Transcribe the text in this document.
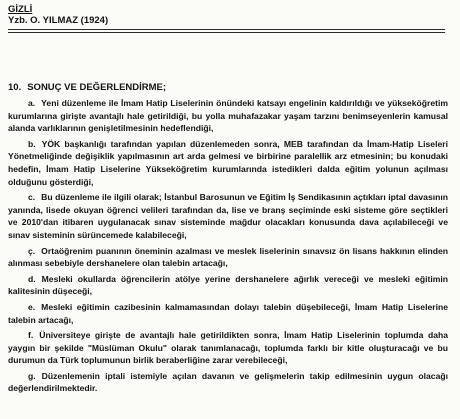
GİZLİ
Yzb. O. YILMAZ (1924)
10. SONUÇ VE DEĞERLENDİRME;

a. Yeni düzenleme ile İmam Hatip Liselerinin önündeki katsayı engelinin kaldırıldığı ve yükseköğretim kurumlarına girişte avantajlı hale getirildiği, bu yolla muhafazakar yaşam tarzını benimseyenlerin kamusal alanda varlıklarının genişletilmesinin hedeflendiği,

b. YÖK başkanlığı tarafından yapılan düzenlemeden sonra, MEB tarafından da İmam-Hatip Liseleri Yönetmeliğinde değişiklik yapılmasının art arda gelmesi ve birbirine paralellik arz etmesinin; bu konudaki hedefin, İmam Hatip Liselerine Yükseköğretim kurumlarında istedikleri dalda eğitim yolunun açılması olduğunu gösterdiği,

c. Bu düzenleme ile ilgili olarak; İstanbul Barosunun ve Eğitim İş Sendikasının açtıkları iptal davasının yanında, lisede okuyan öğrenci velileri tarafından da, lise ve branş seçiminde eski sisteme göre seçtikleri ve 2010'dan itibaren uygulanacak sınav sisteminde mağdur olacakları konusunda dava açılabileceği ve sınav sisteminin sürüncemede kalabileceği,

ç. Ortaöğrenim puanının öneminin azalması ve meslek liselerinin sınavsız ön lisans hakkının elinden alınması sebebiyle dershanelere olan talebin artacağı,

d. Mesleki okullarda öğrencilerin atölye yerine dershanelere ağırlık vereceği ve mesleki eğitimin kalitesinin düşeceği,

e. Mesleki eğitimin cazibesinin kalmamasından dolayı talebin düşebileceği, İmam Hatip Liselerine talebin artacağı,

f. Üniversiteye girişte de avantajlı hale getirildikten sonra, İmam Hatip Liselerinin toplumda daha yaygın bir şekilde "Müslüman Okulu" olarak tanımlanacağı, toplumda farklı bir kitle oluşturacağı ve bu durumun da Türk toplumunun birlik beraberliğine zarar verebileceği,

g. Düzenlemenin iptali istemiyle açılan davanın ve gelişmelerin takip edilmesinin uygun olacağı değerlendirilmektedir.
